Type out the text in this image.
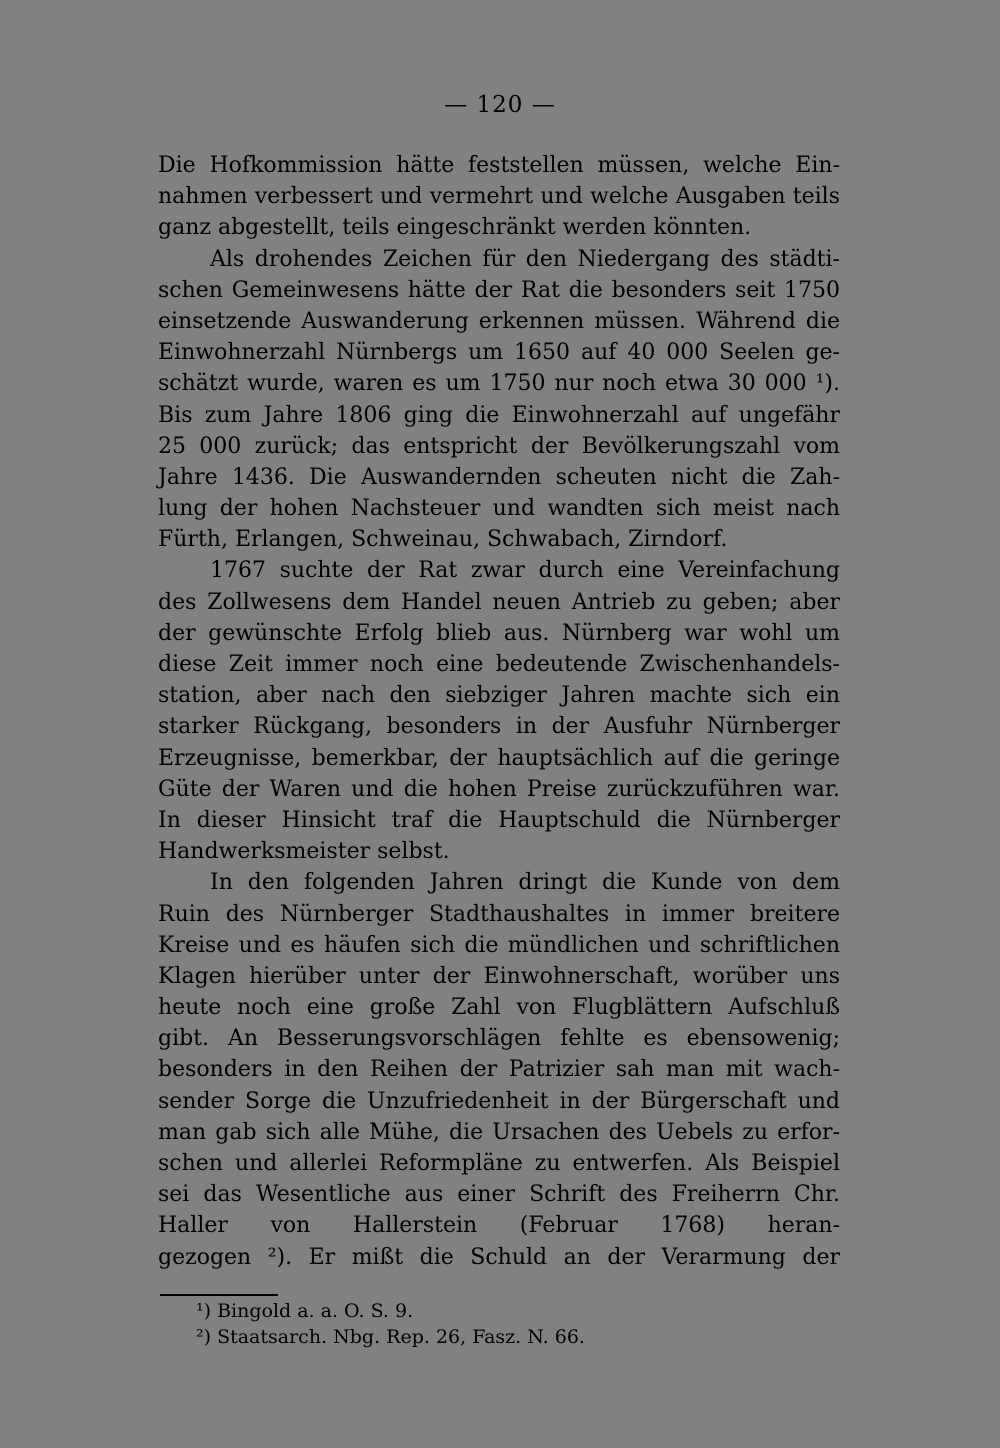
— 120 —
Die Hofkommission hätte feststellen müssen, welche Ein-
nahmen verbessert und vermehrt und welche Ausgaben teils
ganz abgestellt, teils eingeschränkt werden könnten.
Als drohendes Zeichen für den Niedergang des städti-
schen Gemeinwesens hätte der Rat die besonders seit 1750
einsetzende Auswanderung erkennen müssen. Während die
Einwohnerzahl Nürnbergs um 1650 auf 40 000 Seelen ge-
schätzt wurde, waren es um 1750 nur noch etwa 30 000 ¹).
Bis zum Jahre 1806 ging die Einwohnerzahl auf ungefähr
25 000 zurück; das entspricht der Bevölkerungszahl vom
Jahre 1436. Die Auswandernden scheuten nicht die Zah-
lung der hohen Nachsteuer und wandten sich meist nach
Fürth, Erlangen, Schweinau, Schwabach, Zirndorf.
1767 suchte der Rat zwar durch eine Vereinfachung
des Zollwesens dem Handel neuen Antrieb zu geben; aber
der gewünschte Erfolg blieb aus. Nürnberg war wohl um
diese Zeit immer noch eine bedeutende Zwischenhandels-
station, aber nach den siebziger Jahren machte sich ein
starker Rückgang, besonders in der Ausfuhr Nürnberger
Erzeugnisse, bemerkbar, der hauptsächlich auf die geringe
Güte der Waren und die hohen Preise zurückzuführen war.
In dieser Hinsicht traf die Hauptschuld die Nürnberger
Handwerksmeister selbst.
In den folgenden Jahren dringt die Kunde von dem
Ruin des Nürnberger Stadthaushaltes in immer breitere
Kreise und es häufen sich die mündlichen und schriftlichen
Klagen hierüber unter der Einwohnerschaft, worüber uns
heute noch eine große Zahl von Flugblättern Aufschluß
gibt. An Besserungsvorschlägen fehlte es ebensowenig;
besonders in den Reihen der Patrizier sah man mit wach-
sender Sorge die Unzufriedenheit in der Bürgerschaft und
man gab sich alle Mühe, die Ursachen des Uebels zu erfor-
schen und allerlei Reformpläne zu entwerfen. Als Beispiel
sei das Wesentliche aus einer Schrift des Freiherrn Chr.
Haller von Hallerstein (Februar 1768) heran-
gezogen ²). Er mißt die Schuld an der Verarmung der
¹) Bingold a. a. O. S. 9.
²) Staatsarch. Nbg. Rep. 26, Fasz. N. 66.
